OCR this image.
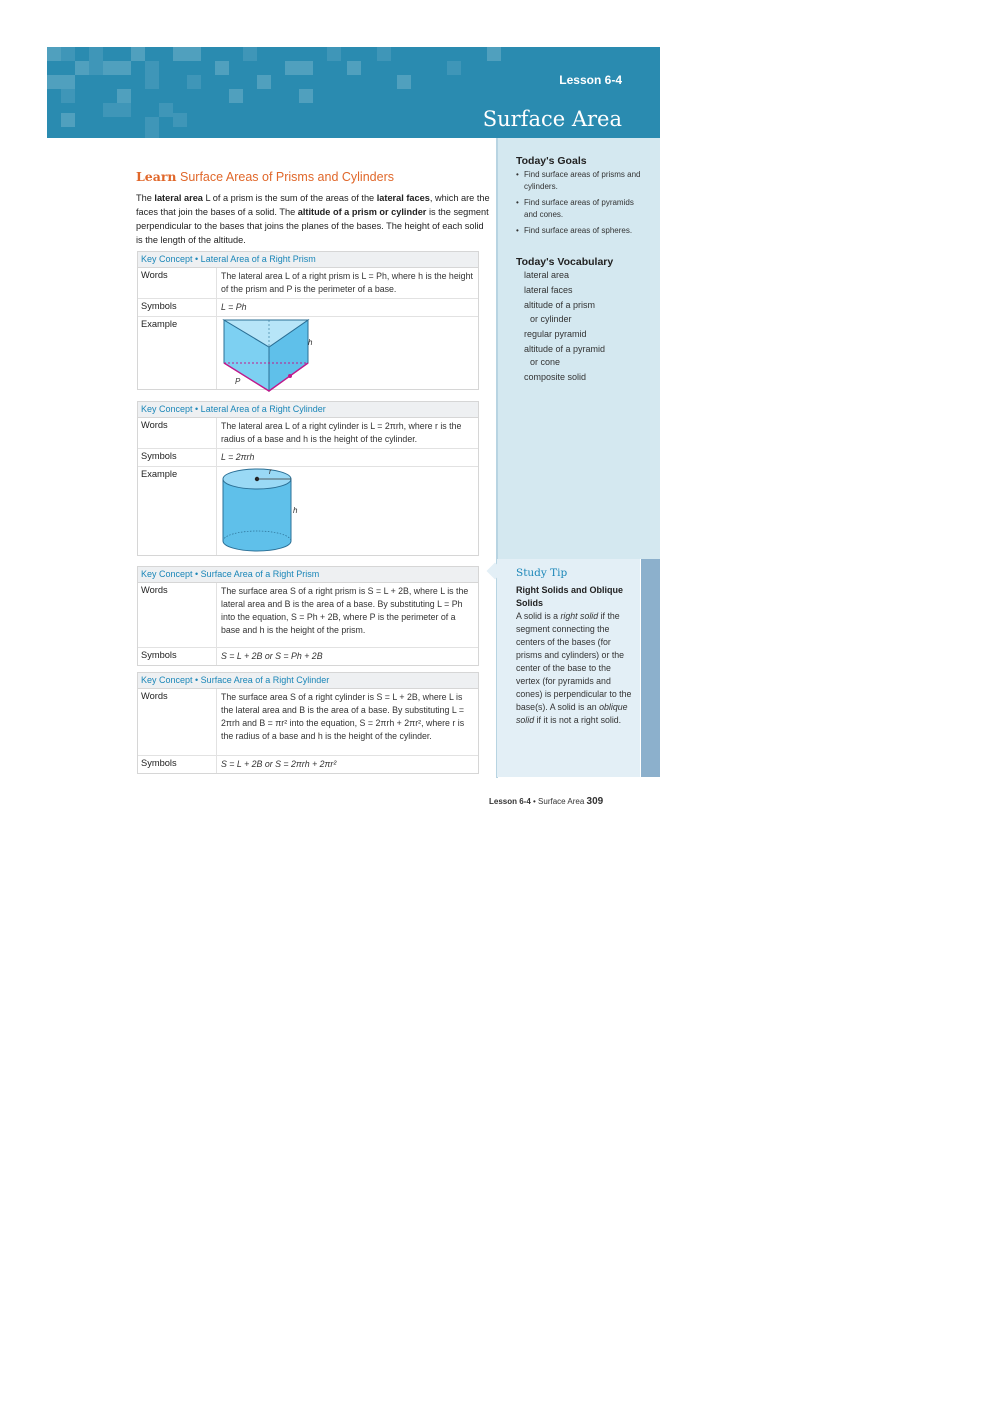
Lesson 6-4
Surface Area
Today's Goals
• Find surface areas of prisms and cylinders.
• Find surface areas of pyramids and cones.
• Find surface areas of spheres.
Today's Vocabulary
lateral area
lateral faces
altitude of a prism
or cylinder
regular pyramid
altitude of a pyramid
or cone
composite solid
Learn Surface Areas of Prisms and Cylinders
The lateral area L of a prism is the sum of the areas of the lateral faces, which are the faces that join the bases of a solid. The altitude of a prism or cylinder is the segment perpendicular to the bases that joins the planes of the bases. The height of each solid is the length of the altitude.
Key Concept • Lateral Area of a Right Prism
Words	The lateral area L of a right prism is L = Ph, where h is the height of the prism and P is the perimeter of a base.
Symbols	L = Ph
Example
h
P
Key Concept • Lateral Area of a Right Cylinder
Words	The lateral area L of a right cylinder is L = 2πrh, where r is the radius of a base and h is the height of the cylinder.
Symbols	L = 2πrh
Example	r
h
Key Concept • Surface Area of a Right Prism
Words	The surface area S of a right prism is S = L + 2B, where L is the lateral area and B is the area of a base. By substituting L = Ph into the equation, S = Ph + 2B, where P is the perimeter of a base and h is the height of the prism.
Symbols	S = L + 2B or S = Ph + 2B
Key Concept • Surface Area of a Right Cylinder
Words	The surface area S of a right cylinder is S = L + 2B, where L is the lateral area and B is the area of a base. By substituting L = 2πrh and B = πr² into the equation, S = 2πrh + 2πr², where r is the radius of a base and h is the height of the cylinder.
Symbols	S = L + 2B or S = 2πrh + 2πr²
Study Tip
Right Solids and Oblique Solids
A solid is a right solid if the segment connecting the centers of the bases (for prisms and cylinders) or the center of the base to the vertex (for pyramids and cones) is perpendicular to the base(s). A solid is an oblique solid if it is not a right solid.
Lesson 6-4 • Surface Area 309
